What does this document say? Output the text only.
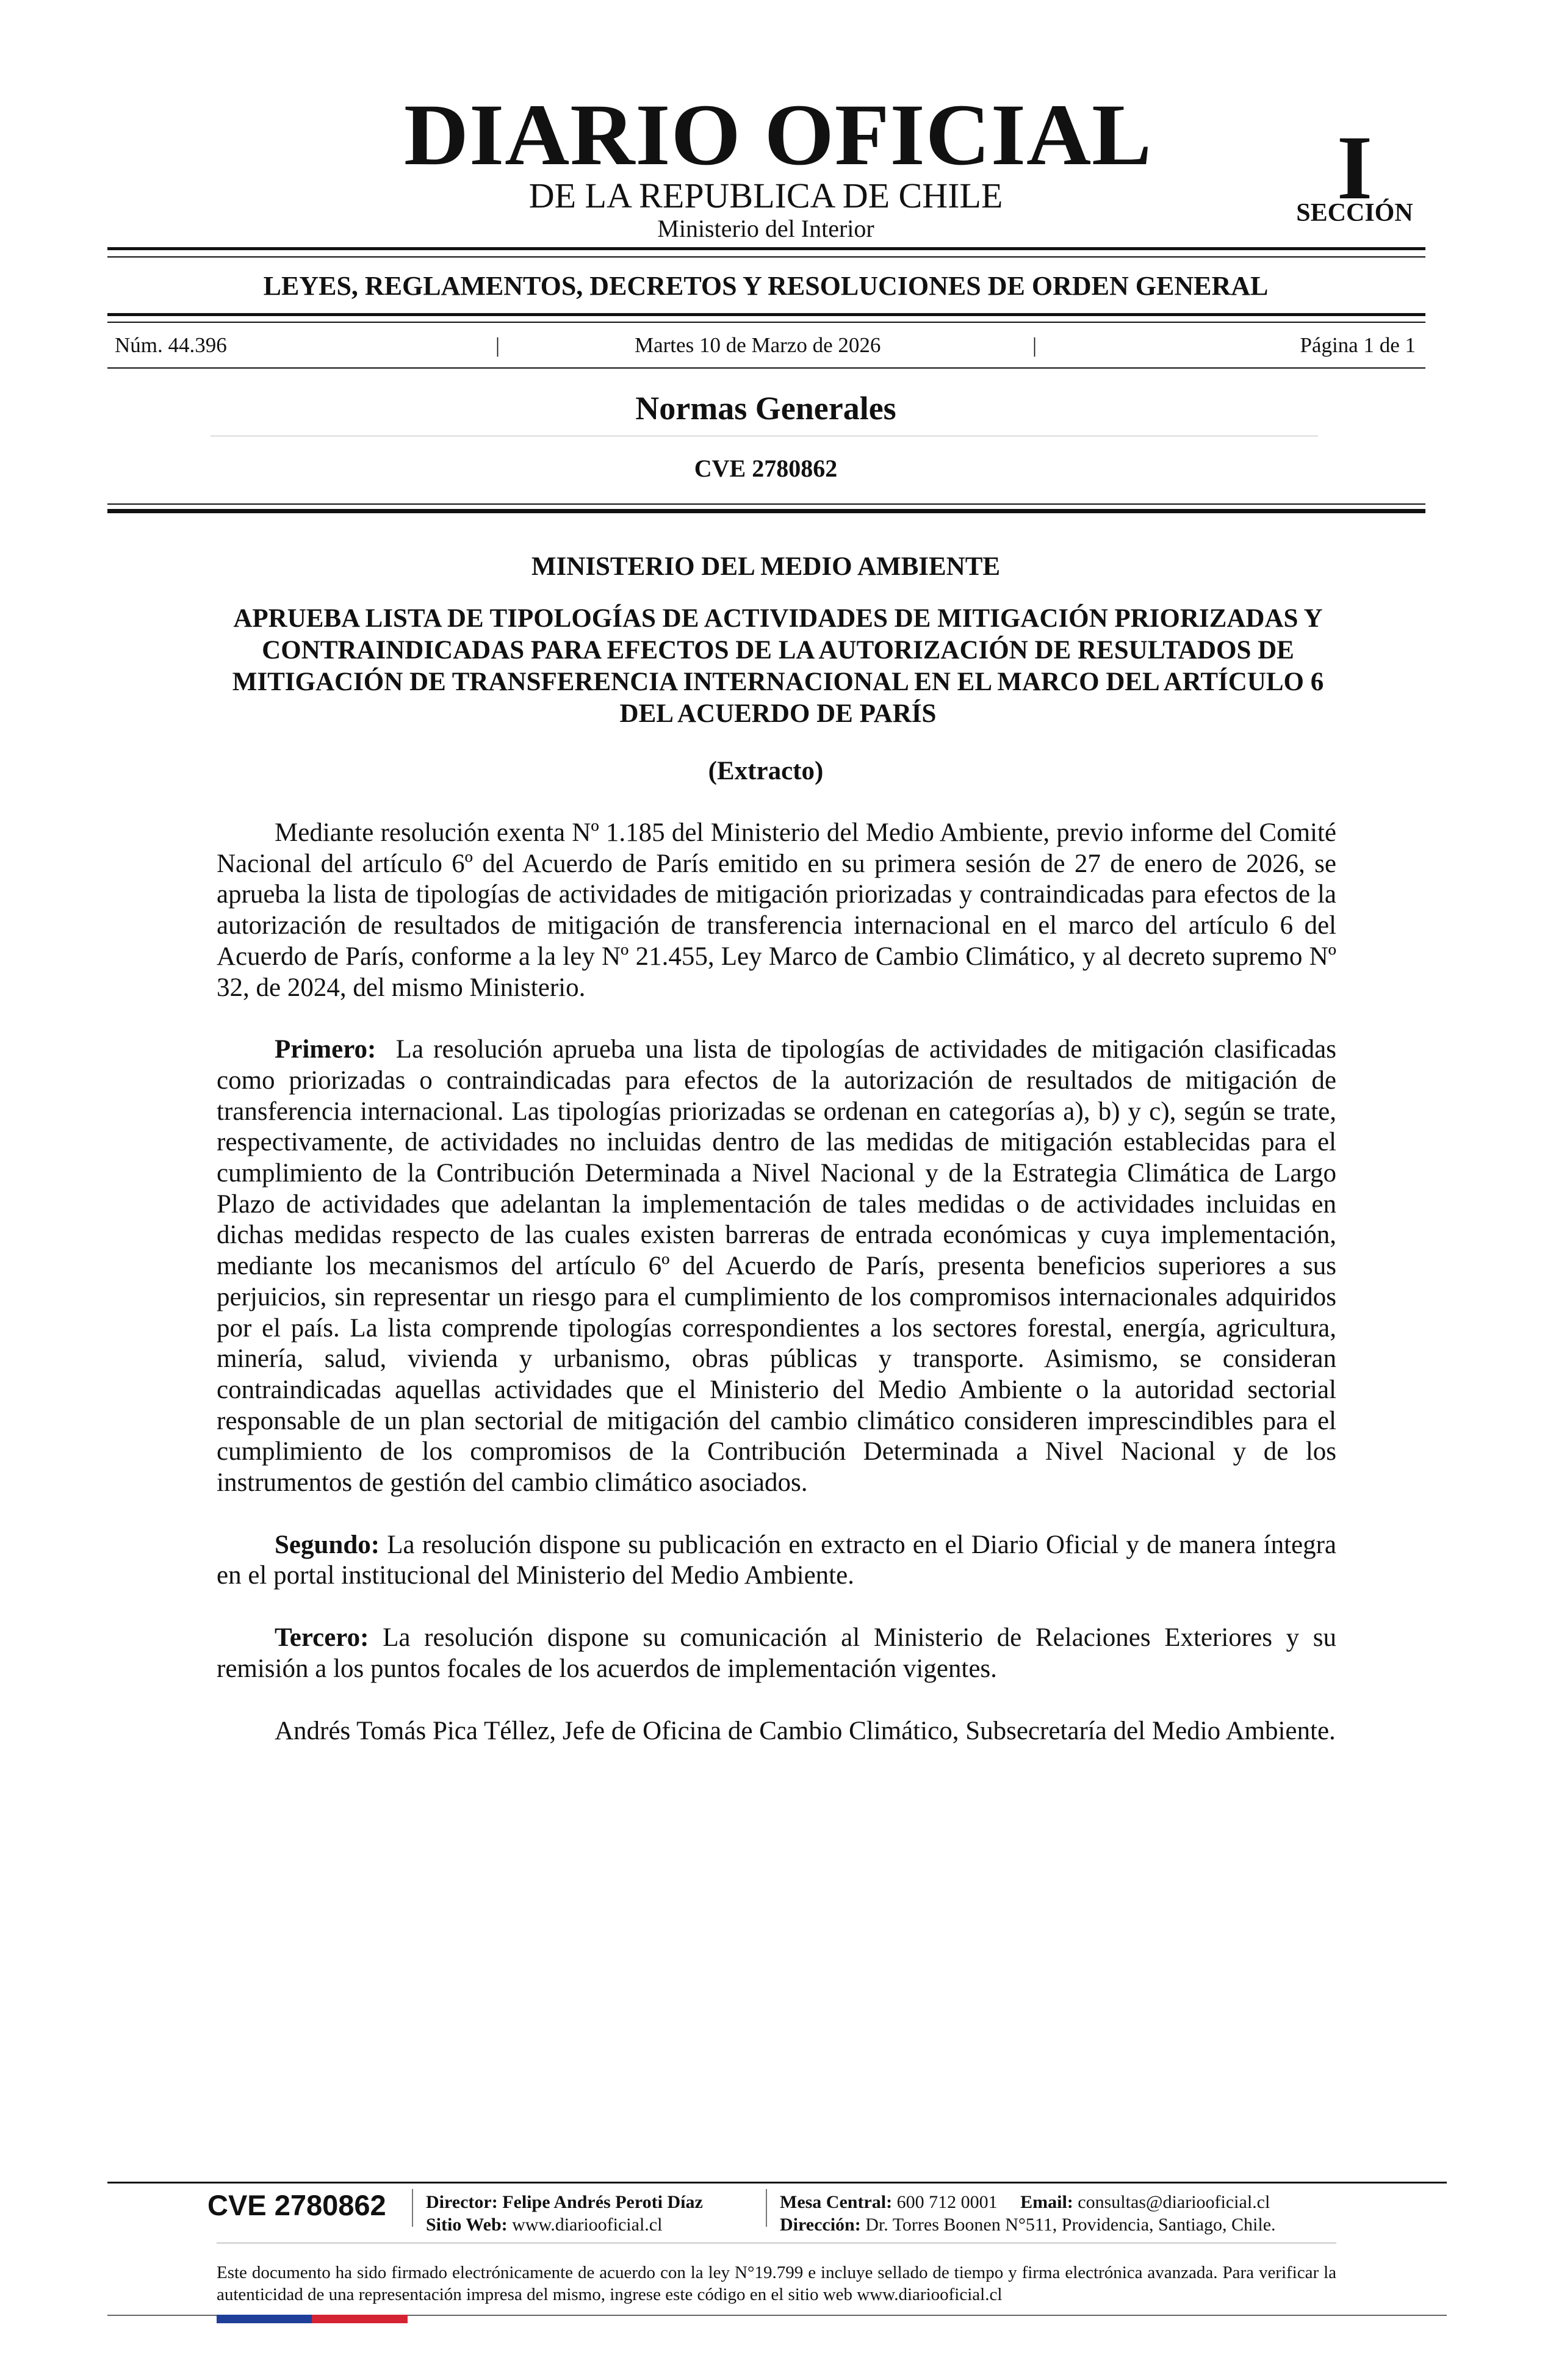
DIARIO OFICIAL
DE LA REPUBLICA DE CHILE
Ministerio del Interior
I
SECCIÓN
LEYES, REGLAMENTOS, DECRETOS Y RESOLUCIONES DE ORDEN GENERAL
Núm. 44.396	|	Martes 10 de Marzo de 2026	|	Página 1 de 1
Normas Generales
CVE 2780862
MINISTERIO DEL MEDIO AMBIENTE
APRUEBA LISTA DE TIPOLOGÍAS DE ACTIVIDADES DE MITIGACIÓN PRIORIZADAS Y CONTRAINDICADAS PARA EFECTOS DE LA AUTORIZACIÓN DE RESULTADOS DE MITIGACIÓN DE TRANSFERENCIA INTERNACIONAL EN EL MARCO DEL ARTÍCULO 6 DEL ACUERDO DE PARÍS
(Extracto)

Mediante resolución exenta Nº 1.185 del Ministerio del Medio Ambiente, previo informe del Comité Nacional del artículo 6º del Acuerdo de París emitido en su primera sesión de 27 de enero de 2026, se aprueba la lista de tipologías de actividades de mitigación priorizadas y contraindicadas para efectos de la autorización de resultados de mitigación de transferencia internacional en el marco del artículo 6 del Acuerdo de París, conforme a la ley Nº 21.455, Ley Marco de Cambio Climático, y al decreto supremo Nº 32, de 2024, del mismo Ministerio.

Primero: La resolución aprueba una lista de tipologías de actividades de mitigación clasificadas como priorizadas o contraindicadas para efectos de la autorización de resultados de mitigación de transferencia internacional. Las tipologías priorizadas se ordenan en categorías a), b) y c), según se trate, respectivamente, de actividades no incluidas dentro de las medidas de mitigación establecidas para el cumplimiento de la Contribución Determinada a Nivel Nacional y de la Estrategia Climática de Largo Plazo de actividades que adelantan la implementación de tales medidas o de actividades incluidas en dichas medidas respecto de las cuales existen barreras de entrada económicas y cuya implementación, mediante los mecanismos del artículo 6º del Acuerdo de París, presenta beneficios superiores a sus perjuicios, sin representar un riesgo para el cumplimiento de los compromisos internacionales adquiridos por el país. La lista comprende tipologías correspondientes a los sectores forestal, energía, agricultura, minería, salud, vivienda y urbanismo, obras públicas y transporte. Asimismo, se consideran contraindicadas aquellas actividades que el Ministerio del Medio Ambiente o la autoridad sectorial responsable de un plan sectorial de mitigación del cambio climático consideren imprescindibles para el cumplimiento de los compromisos de la Contribución Determinada a Nivel Nacional y de los instrumentos de gestión del cambio climático asociados.

Segundo: La resolución dispone su publicación en extracto en el Diario Oficial y de manera íntegra en el portal institucional del Ministerio del Medio Ambiente.

Tercero: La resolución dispone su comunicación al Ministerio de Relaciones Exteriores y su remisión a los puntos focales de los acuerdos de implementación vigentes.

Andrés Tomás Pica Téllez, Jefe de Oficina de Cambio Climático, Subsecretaría del Medio Ambiente.

CVE 2780862	Director: Felipe Andrés Peroti Díaz
Sitio Web: www.diariooficial.cl
Mesa Central: 600 712 0001 Email: consultas@diariooficial.cl
Dirección: Dr. Torres Boonen N°511, Providencia, Santiago, Chile.
Este documento ha sido firmado electrónicamente de acuerdo con la ley N°19.799 e incluye sellado de tiempo y firma electrónica avanzada. Para verificar la autenticidad de una representación impresa del mismo, ingrese este código en el sitio web www.diariooficial.cl
